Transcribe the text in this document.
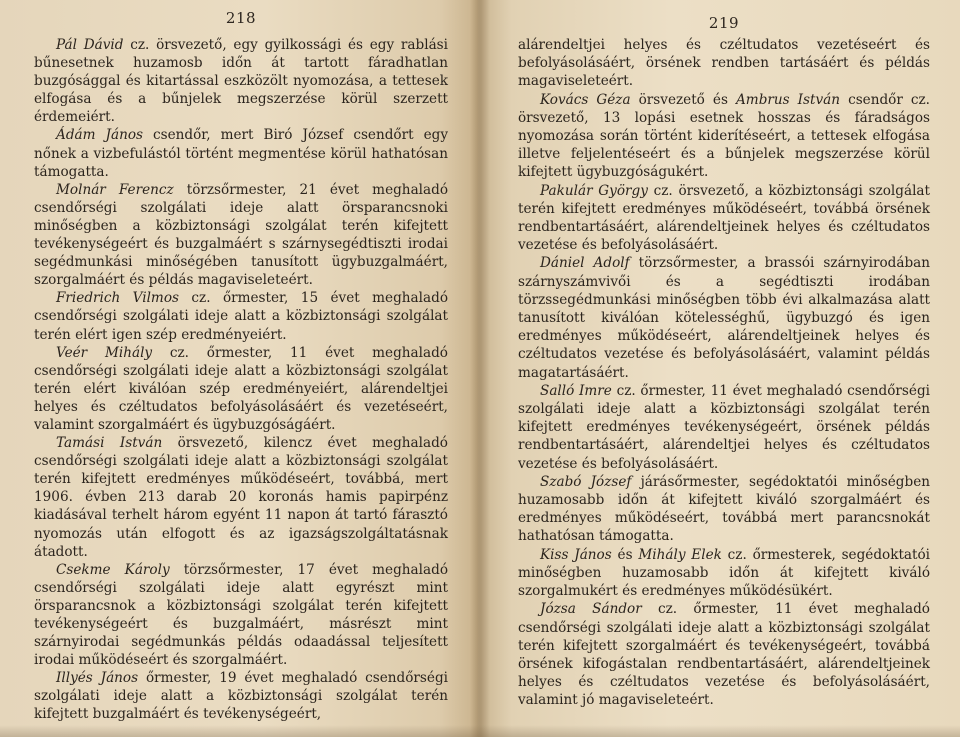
218

Pál Dávid cz. örsvezető, egy gyilkossági és egy rablási bűnesetnek huzamosb időn át tartott fáradhatlan buzgósággal és kitartással eszközölt nyomozása, a tettesek elfogása és a bűnjelek megszerzése körül szerzett érdemeiért.

Ádám János csendőr, mert Biró József csendőrt egy nőnek a vizbefulástól történt megmentése körül hathatósan támogatta.

Molnár Ferencz törzsőrmester, 21 évet meghaladó csendőrségi szolgálati ideje alatt örsparancsnoki minőségben a közbiztonsági szolgálat terén kifejtett tevékenységeért és buzgalmáért s szárnysegédtiszti irodai segédmunkási minőségében tanusított ügybuzgalmáért, szorgalmáért és példás magaviseleteért.

Friedrich Vilmos cz. őrmester, 15 évet meghaladó csendőrségi szolgálati ideje alatt a közbiztonsági szolgálat terén elért igen szép eredményeiért.

Veér Mihály cz. őrmester, 11 évet meghaladó csendőrségi szolgálati ideje alatt a közbiztonsági szolgálat terén elért kiválóan szép eredményeiért, alárendeltjei helyes és czéltudatos befolyásolásáért és vezetéseért, valamint szorgalmáért és ügybuzgóságáért.

Tamási István örsvezető, kilencz évet meghaladó csendőrségi szolgálati ideje alatt a közbiztonsági szolgálat terén kifejtett eredményes működéseért, továbbá, mert 1906. évben 213 darab 20 koronás hamis papirpénz kiadásával terhelt három egyént 11 napon át tartó fárasztó nyomozás után elfogott és az igazságszolgáltatásnak átadott.

Csekme Károly törzsőrmester, 17 évet meghaladó csendőrségi szolgálati ideje alatt egyrészt mint örsparancsnok a közbiztonsági szolgálat terén kifejtett tevékenységeért és buzgalmáért, másrészt mint szárnyirodai segédmunkás példás odaadással teljesített irodai működéseért és szorgalmáért.

Illyés János őrmester, 19 évet meghaladó csendőrségi szolgálati ideje alatt a közbiztonsági szolgálat terén kifejtett buzgalmáért és tevékenységeért,

219

alárendeltjei helyes és czéltudatos vezetéseért és befolyásolásáért, örsének rendben tartásáért és példás magaviseleteért.

Kovács Géza örsvezető és Ambrus István csendőr cz. örsvezető, 13 lopási esetnek hosszas és fáradságos nyomozása során történt kiderítéseért, a tettesek elfogása illetve feljelentéseért és a bűnjelek megszerzése körül kifejtett ügybuzgóságukért.

Pakulár György cz. örsvezető, a közbiztonsági szolgálat terén kifejtett eredményes működéseért, továbbá örsének rendbentartásáért, alárendeltjeinek helyes és czéltudatos vezetése és befolyásolásáért.

Dániel Adolf törzsőrmester, a brassói szárnyirodában szárnyszámvivői és a segédtiszti irodában törzssegédmunkási minőségben több évi alkalmazása alatt tanusított kiválóan kötelességhű, ügybuzgó és igen eredményes működéseért, alárendeltjeinek helyes és czéltudatos vezetése és befolyásolásáért, valamint példás magatartásáért.

Salló Imre cz. őrmester, 11 évet meghaladó csendőrségi szolgálati ideje alatt a közbiztonsági szolgálat terén kifejtett eredményes tevékenységeért, örsének példás rendbentartásáért, alárendeltjei helyes és czéltudatos vezetése és befolyásolásáért.

Szabó József járásőrmester, segédoktatói minőségben huzamosabb időn át kifejtett kiváló szorgalmáért és eredményes működéseért, továbbá mert parancsnokát hathatósan támogatta.

Kiss János és Mihály Elek cz. őrmesterek, segédoktatói minőségben huzamosabb időn át kifejtett kiváló szorgalmukért és eredményes működésükért.

Józsa Sándor cz. őrmester, 11 évet meghaladó csendőrségi szolgálati ideje alatt a közbiztonsági szolgálat terén kifejtett szorgalmáért és tevékenységeért, továbbá örsének kifogástalan rendbentartásáért, alárendeltjeinek helyes és czéltudatos vezetése és befolyásolásáért, valamint jó magaviseleteért.
